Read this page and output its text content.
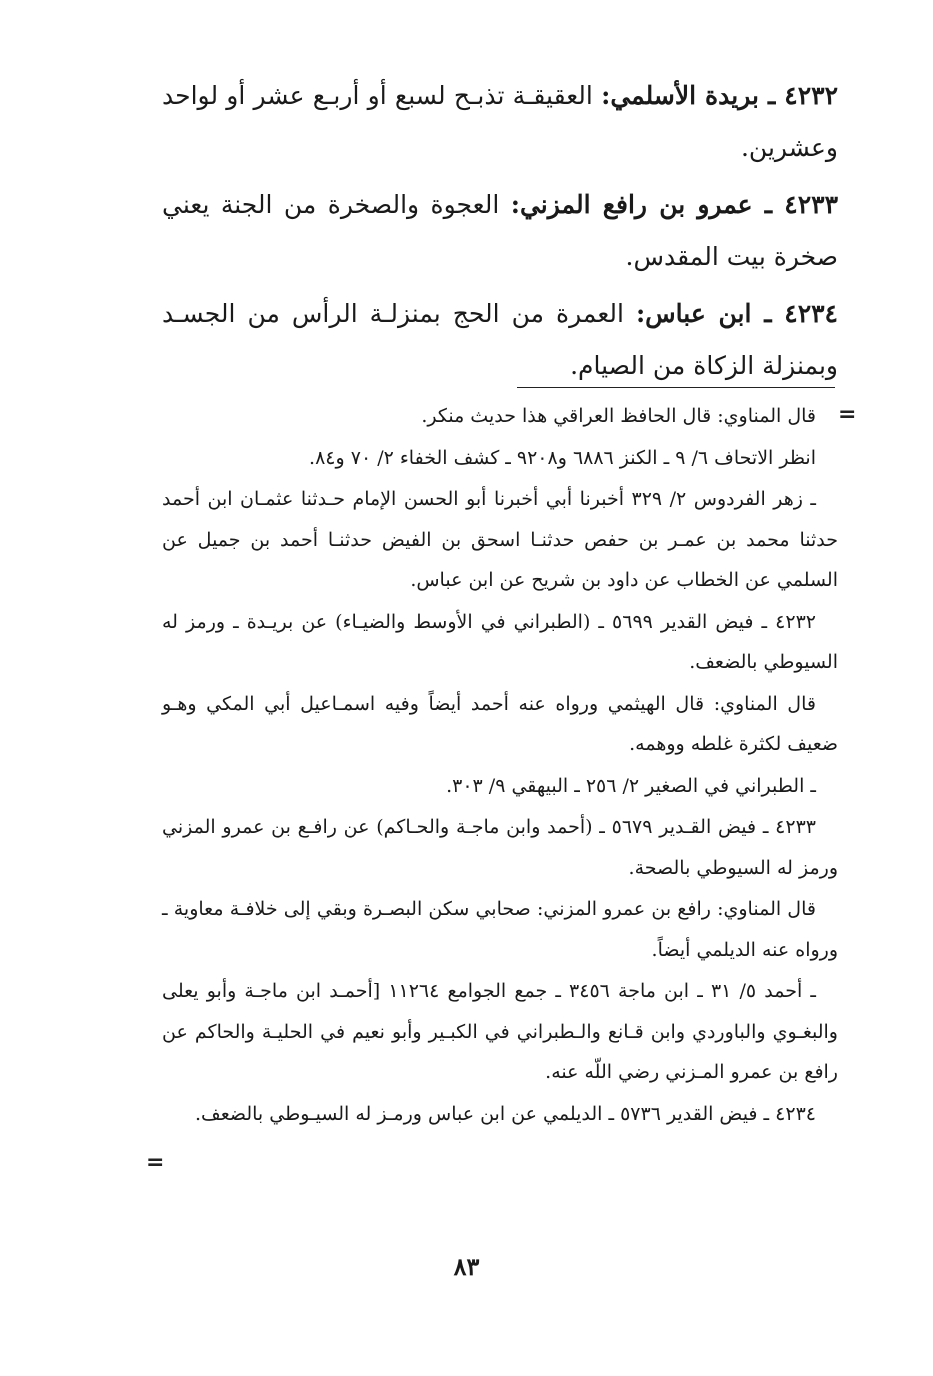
٤٢٣٢ ـ بريدة الأسلمي: العقيقـة تذبـح لسبع أو أربـع عشر أو لواحد وعشرين.

٤٢٣٣ ـ عمرو بن رافع المزني: العجوة والصخرة من الجنة يعني صخرة بيت المقدس.

٤٢٣٤ ـ ابن عباس: العمرة من الحج بمنزلـة الرأس من الجسـد وبمنزلة الزكاة من الصيام.

=

قال المناوي: قال الحافظ العراقي هذا حديث منكر.

انظر الاتحاف ٦/ ٩ ـ الكنز ٦٨٨٦ و٩٢٠٨ ـ كشف الخفاء ٢/ ٧٠ و٨٤.

ـ زهر الفردوس ٢/ ٣٢٩ أخبرنا أبي أخبرنا أبو الحسن الإمام حـدثنا عثمـان ابن أحمد حدثنا محمد بن عمـر بن حفص حدثنـا اسحق بن الفيض حدثنـا أحمد بن جميل عن السلمي عن الخطاب عن داود بن شريح عن ابن عباس.

٤٢٣٢ ـ فيض القدير ٥٦٩٩ ـ (الطبراني في الأوسط والضيـاء) عن بريـدة ـ ورمز له السيوطي بالضعف.

قال المناوي: قال الهيثمي ورواه عنه أحمد أيضاً وفيه اسمـاعيل أبي المكي وهـو ضعيف لكثرة غلطه ووهمه.

ـ الطبراني في الصغير ٢/ ٢٥٦ ـ البيهقي ٩/ ٣٠٣.

٤٢٣٣ ـ فيض القـدير ٥٦٧٩ ـ (أحمد وابن ماجـة والحـاكم) عن رافـع بن عمرو المزني ورمز له السيوطي بالصحة.

قال المناوي: رافع بن عمرو المزني: صحابي سكن البصـرة وبقي إلى خلافـة معاوية ـ ورواه عنه الديلمي أيضاً.

ـ أحمد ٥/ ٣١ ـ ابن ماجة ٣٤٥٦ ـ جمع الجوامع ١١٢٦٤ [أحمـد ابن ماجـة وأبو يعلى والبغـوي والباوردي وابن قـانع والـطبراني في الكبـير وأبو نعيم في الحليـة والحاكم عن رافع بن عمرو المـزني رضي اللّه عنه.

٤٢٣٤ ـ فيض القدير ٥٧٣٦ ـ الديلمي عن ابن عباس ورمـز له السيـوطي بالضعف.

=
٨٣
